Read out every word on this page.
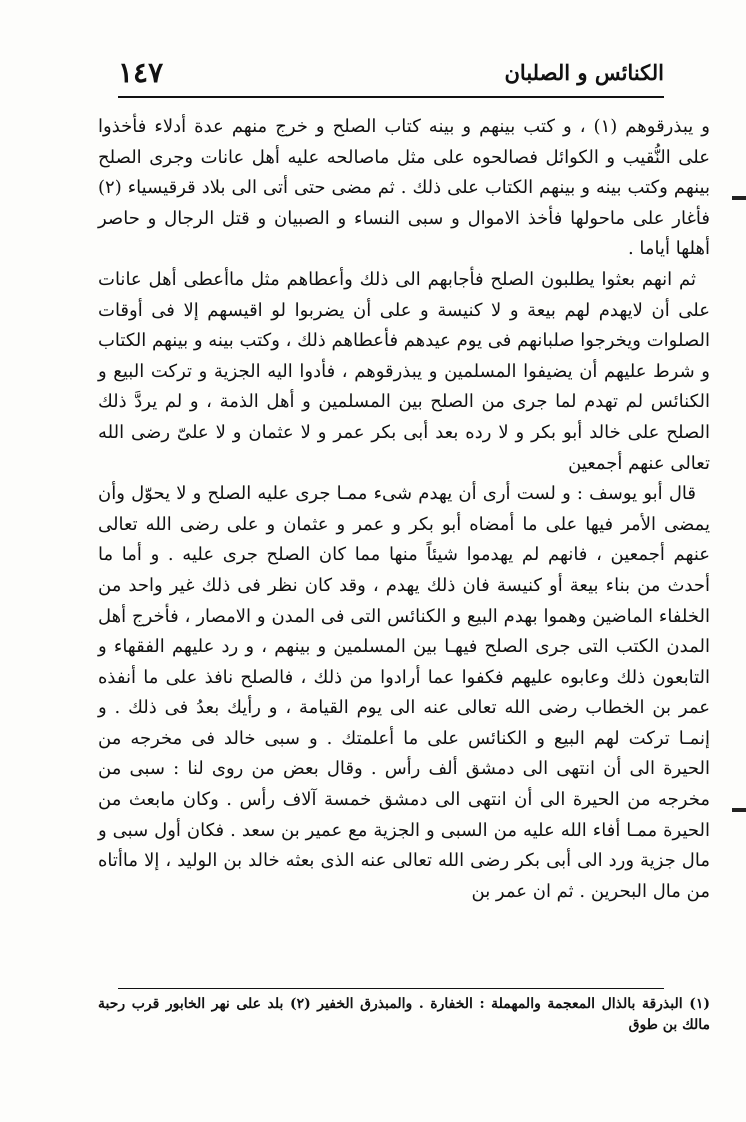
الكنائس و الصلبان
١٤٧

و يبذرقوهم (١) ، و كتب بينهم و بينه كتاب الصلح و خرج منهم عدة أدلاء فأخذوا على النُّقيب و الكوائل فصالحوه على مثل ماصالحه عليه أهل عانات وجرى الصلح بينهم وكتب بينه و بينهم الكتاب على ذلك . ثم مضى حتى أتى الى بلاد قرقيسياء (٢) فأغار على ماحولها فأخذ الاموال و سبى النساء و الصبيان و قتل الرجال و حاصر أهلها أياما .

ثم انهم بعثوا يطلبون الصلح فأجابهم الى ذلك وأعطاهم مثل ماأعطى أهل عانات على أن لايهدم لهم بيعة و لا كنيسة و على أن يضربوا لو اقيسهم إلا فى أوقات الصلوات ويخرجوا صلبانهم فى يوم عيدهم فأعطاهم ذلك ، وكتب بينه و بينهم الكتاب و شرط عليهم أن يضيفوا المسلمين و يبذرقوهم ، فأدوا اليه الجزية و تركت البيع و الكنائس لم تهدم لما جرى من الصلح بين المسلمين و أهل الذمة ، و لم يردَّ ذلك الصلح على خالد أبو بكر و لا رده بعد أبى بكر عمر و لا عثمان و لا علىّ رضى الله تعالى عنهم أجمعين

قال أبو يوسف : و لست أرى أن يهدم شىء ممـا جرى عليه الصلح و لا يحوّل وأن يمضى الأمر فيها على ما أمضاه أبو بكر و عمر و عثمان و على رضى الله تعالى عنهم أجمعين ، فانهم لم يهدموا شيئاً منها مما كان الصلح جرى عليه . و أما ما أحدث من بناء بيعة أو كنيسة فان ذلك يهدم ، وقد كان نظر فى ذلك غير واحد من الخلفاء الماضين وهموا بهدم البيع و الكنائس التى فى المدن و الامصار ، فأخرج أهل المدن الكتب التى جرى الصلح فيهـا بين المسلمين و بينهم ، و رد عليهم الفقهاء و التابعون ذلك وعابوه عليهم فكفوا عما أرادوا من ذلك ، فالصلح نافذ على ما أنفذه عمر بن الخطاب رضى الله تعالى عنه الى يوم القيامة ، و رأيك بعدُ فى ذلك . و إنمـا تركت لهم البيع و الكنائس على ما أعلمتك . و سبى خالد فى مخرجه من الحيرة الى أن انتهى الى دمشق ألف رأس . وقال بعض من روى لنا : سبى من مخرجه من الحيرة الى أن انتهى الى دمشق خمسة آلاف رأس . وكان مابعث من الحيرة ممـا أفاء الله عليه من السبى و الجزية مع عمير بن سعد . فكان أول سبى و مال جزية ورد الى أبى بكر رضى الله تعالى عنه الذى بعثه خالد بن الوليد ، إلا ماأتاه من مال البحرين . ثم ان عمر بن

(١) البذرقة بالذال المعجمة والمهملة : الخفارة . والمبذرق الخفير (٢) بلد على نهر الخابور قرب رحبة مالك بن طوق
